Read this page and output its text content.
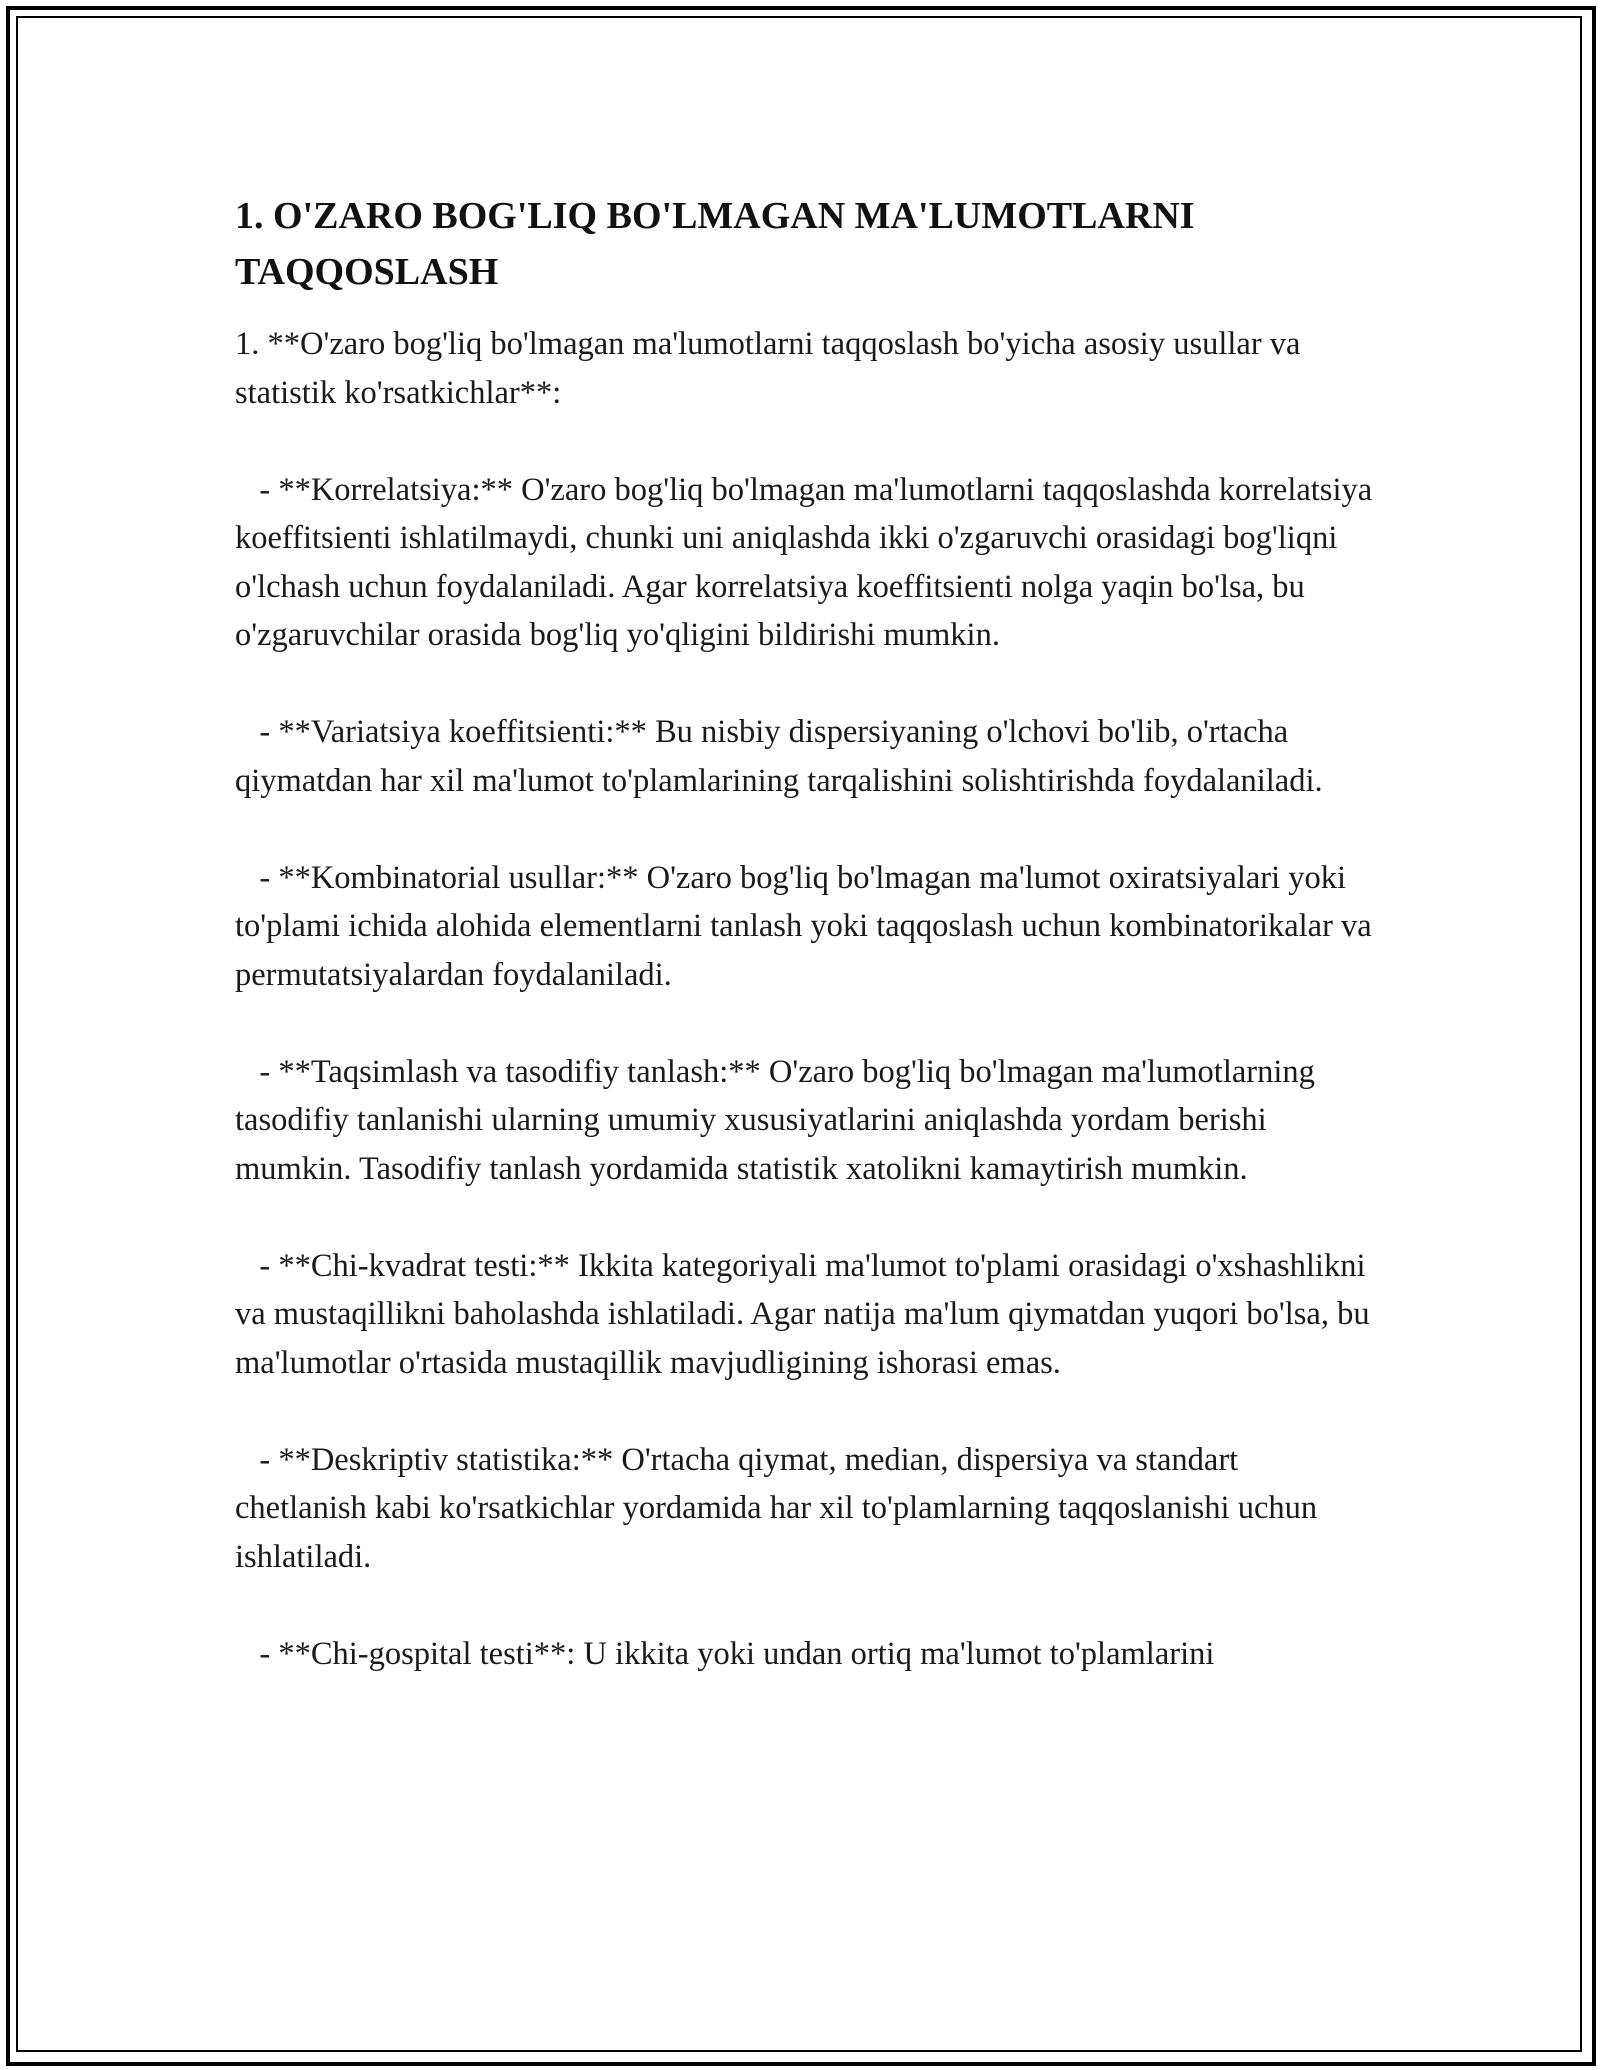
1. O'ZARO BOG'LIQ BO'LMAGAN MA'LUMOTLARNI TAQQOSLASH

1. **O'zaro bog'liq bo'lmagan ma'lumotlarni taqqoslash bo'yicha asosiy usullar va statistik ko'rsatkichlar**:

- **Korrelatsiya:** O'zaro bog'liq bo'lmagan ma'lumotlarni taqqoslashda korrelatsiya koeffitsienti ishlatilmaydi, chunki uni aniqlashda ikki o'zgaruvchi orasidagi bog'liqni o'lchash uchun foydalaniladi. Agar korrelatsiya koeffitsienti nolga yaqin bo'lsa, bu o'zgaruvchilar orasida bog'liq yo'qligini bildirishi mumkin.

- **Variatsiya koeffitsienti:** Bu nisbiy dispersiyaning o'lchovi bo'lib, o'rtacha qiymatdan har xil ma'lumot to'plamlarining tarqalishini solishtirishda foydalaniladi.

- **Kombinatorial usullar:** O'zaro bog'liq bo'lmagan ma'lumot oxiratsiyalari yoki to'plami ichida alohida elementlarni tanlash yoki taqqoslash uchun kombinatorikalar va permutatsiyalardan foydalaniladi.

- **Taqsimlash va tasodifiy tanlash:** O'zaro bog'liq bo'lmagan ma'lumotlarning tasodifiy tanlanishi ularning umumiy xususiyatlarini aniqlashda yordam berishi mumkin. Tasodifiy tanlash yordamida statistik xatolikni kamaytirish mumkin.

- **Chi-kvadrat testi:** Ikkita kategoriyali ma'lumot to'plami orasidagi o'xshashlikni va mustaqillikni baholashda ishlatiladi. Agar natija ma'lum qiymatdan yuqori bo'lsa, bu ma'lumotlar o'rtasida mustaqillik mavjudligining ishorasi emas.

- **Deskriptiv statistika:** O'rtacha qiymat, median, dispersiya va standart chetlanish kabi ko'rsatkichlar yordamida har xil to'plamlarning taqqoslanishi uchun ishlatiladi.

- **Chi-gospital testi**: U ikkita yoki undan ortiq ma'lumot to'plamlarini
